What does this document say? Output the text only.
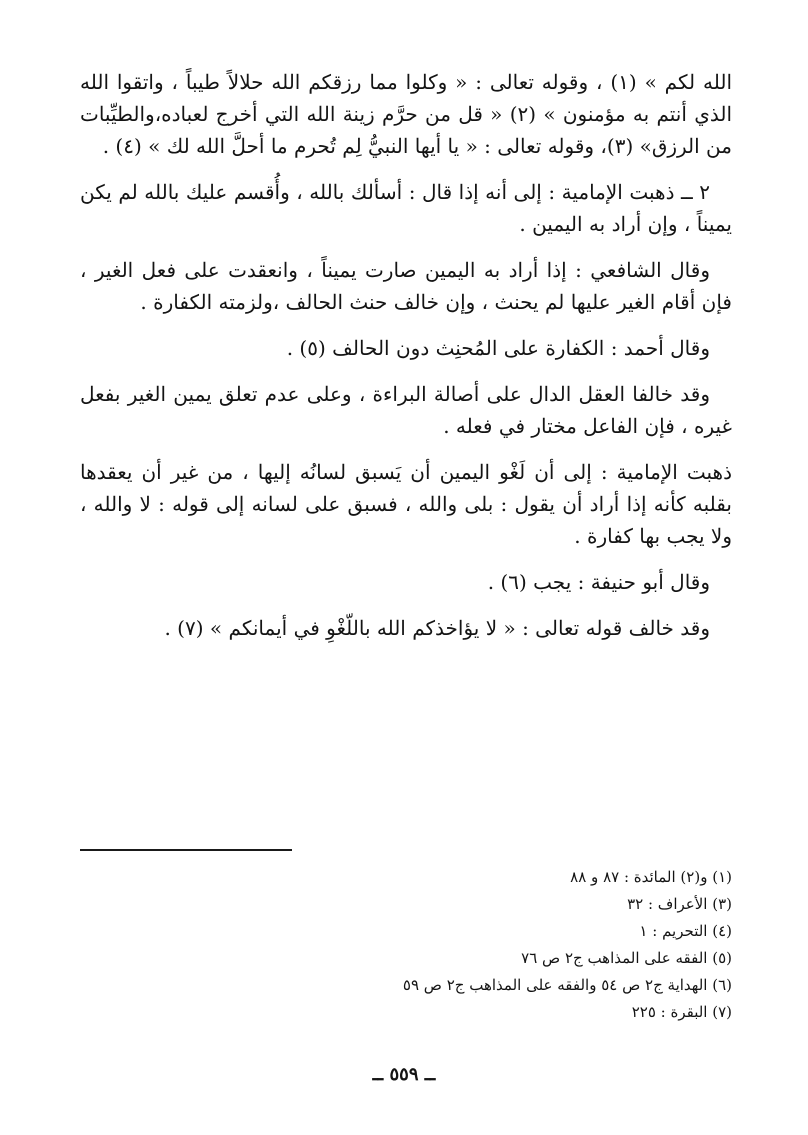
الله لكم » (١) ، وقوله تعالى : « وكلوا مما رزقكم الله حلالاً طيباً ، واتقوا الله الذي أنتم به مؤمنون » (٢) « قل من حرَّم زينة الله التي أخرج لعباده،والطيِّبات من الرزق» (٣)، وقوله تعالى : « يا أيها النبيُّ لِم تُحرم ما أحلَّ الله لك » (٤) .

٢ ــ ذهبت الإمامية : إلى أنه إذا قال : أسألك بالله ، وأُقسم عليك بالله لم يكن يميناً ، وإن أراد به اليمين .

وقال الشافعي : إذا أراد به اليمين صارت يميناً ، وانعقدت على فعل الغير ، فإن أقام الغير عليها لم يحنث ، وإن خالف حنث الحالف ،ولزمته الكفارة .

وقال أحمد : الكفارة على المُحنِث دون الحالف (٥) .

وقد خالفا العقل الدال على أصالة البراءة ، وعلى عدم تعلق يمين الغير بفعل غيره ، فإن الفاعل مختار في فعله .

ذهبت الإمامية : إلى أن لَغْو اليمين أن يَسبق لسانُه إليها ، من غير أن يعقدها بقلبه كأنه إذا أراد أن يقول : بلى والله ، فسبق على لسانه إلى قوله : لا والله ، ولا يجب بها كفارة .

وقال أبو حنيفة : يجب (٦) .

وقد خالف قوله تعالى : « لا يؤاخذكم الله باللّغْوِ في أيمانكم » (٧) .

(١) و(٢) المائدة : ٨٧ و ٨٨
(٣) الأعراف : ٣٢
(٤) التحريم : ١
(٥) الفقه على المذاهب ج٢ ص ٧٦
(٦) الهداية ج٢ ص ٥٤ والفقه على المذاهب ج٢ ص ٥٩
(٧) البقرة : ٢٢٥
ــ ٥٥٩ ــ
